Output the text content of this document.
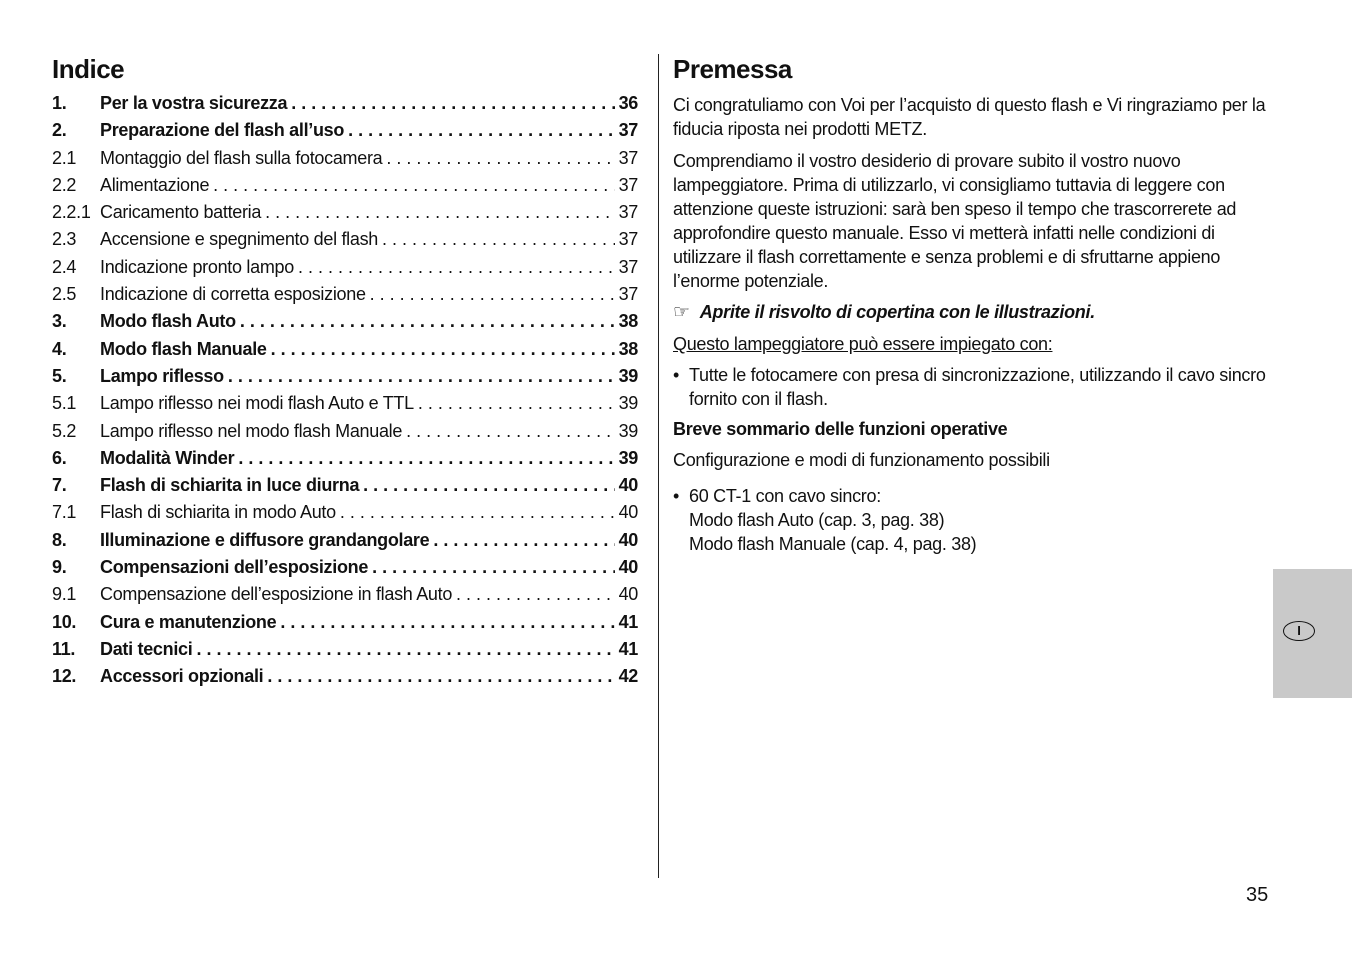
Indice
1.	Per la vostra sicurezza . . .	36
2.	Preparazione del flash all’uso . . .	37
2.1	Montaggio del flash sulla fotocamera . . .	37
2.2	Alimentazione . . .	37
2.2.1 Caricamento batteria . . .	37
2.3	Accensione e spegnimento del flash . . .	37
2.4	Indicazione pronto lampo . . .	37
2.5	Indicazione di corretta esposizione . . .	37
3.	Modo flash Auto . . .	38
4.	Modo flash Manuale . . .	38
5.	Lampo riflesso . . .	39
5.1	Lampo riflesso nei modi flash Auto e TTL . . .	39
5.2	Lampo riflesso nel modo flash Manuale . . .	39
6.	Modalità Winder . . .	39
7.	Flash di schiarita in luce diurna . . .	40
7.1	Flash di schiarita in modo Auto . . .	40
8.	Illuminazione e diffusore grandangolare . . .	40
9.	Compensazioni dell’esposizione . . .	40
9.1	Compensazione dell’esposizione in flash Auto . . .	40
10.	Cura e manutenzione . . .	41
11.	Dati tecnici . . .	41
12.	Accessori opzionali . . .	42
Premessa

Ci congratuliamo con Voi per l’acquisto di questo flash e Vi ringraziamo per la fiducia riposta nei prodotti METZ.

Comprendiamo il vostro desiderio di provare subito il vostro nuovo lampeggiatore. Prima di utilizzarlo, vi consigliamo tuttavia di leggere con attenzione queste istruzioni: sarà ben speso il tempo che trascorrerete ad approfondire questo manuale. Esso vi metterà infatti nelle condizioni di utilizzare il flash correttamente e senza problemi e di sfruttarne appieno l’enorme potenziale.

☞ Aprite il risvolto di copertina con le illustrazioni.
Questo lampeggiatore può essere impiegato con:
• Tutte le fotocamere con presa di sincronizzazione, utilizzando il cavo sincro fornito con il flash.
Breve sommario delle funzioni operative

Configurazione e modi di funzionamento possibili

• 60 CT-1 con cavo sincro:
Modo flash Auto (cap. 3, pag. 38)
Modo flash Manuale (cap. 4, pag. 38)
I
35
